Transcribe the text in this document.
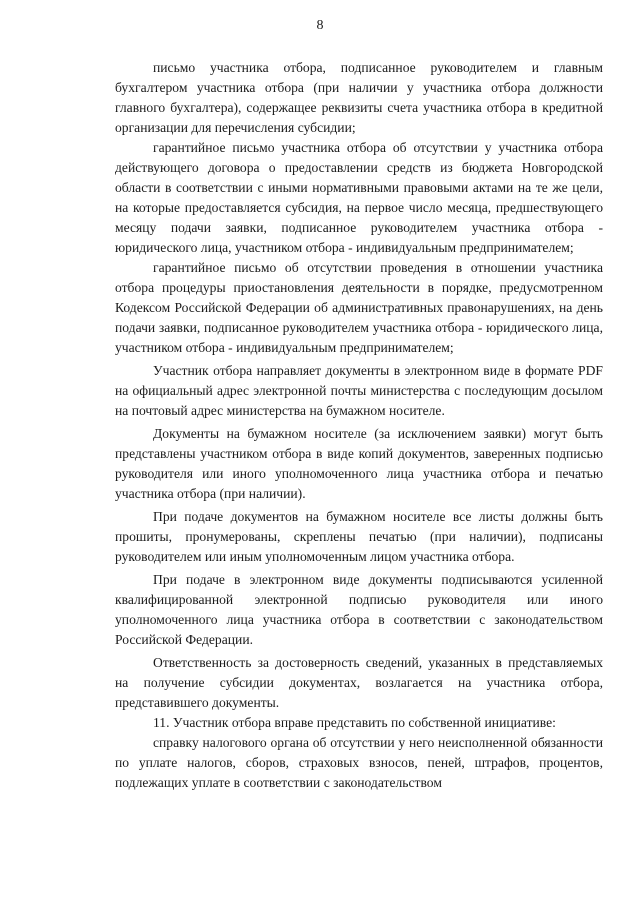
8

письмо участника отбора, подписанное руководителем и главным бухгалтером участника отбора (при наличии у участника отбора должности главного бухгалтера), содержащее реквизиты счета участника отбора в кредитной организации для перечисления субсидии;

гарантийное письмо участника отбора об отсутствии у участника отбора действующего договора о предоставлении средств из бюджета Новгородской области в соответствии с иными нормативными правовыми актами на те же цели, на которые предоставляется субсидия, на первое число месяца, предшествующего месяцу подачи заявки, подписанное руководителем участника отбора - юридического лица, участником отбора - индивидуальным предпринимателем;

гарантийное письмо об отсутствии проведения в отношении участника отбора процедуры приостановления деятельности в порядке, предусмотренном Кодексом Российской Федерации об административных правонарушениях, на день подачи заявки, подписанное руководителем участника отбора - юридического лица, участником отбора - индивидуальным предпринимателем;

Участник отбора направляет документы в электронном виде в формате PDF на официальный адрес электронной почты министерства с последующим досылом на почтовый адрес министерства на бумажном носителе.

Документы на бумажном носителе (за исключением заявки) могут быть представлены участником отбора в виде копий документов, заверенных подписью руководителя или иного уполномоченного лица участника отбора и печатью участника отбора (при наличии).

При подаче документов на бумажном носителе все листы должны быть прошиты, пронумерованы, скреплены печатью (при наличии), подписаны руководителем или иным уполномоченным лицом участника отбора.

При подаче в электронном виде документы подписываются усиленной квалифицированной электронной подписью руководителя или иного уполномоченного лица участника отбора в соответствии с законодательством Российской Федерации.

Ответственность за достоверность сведений, указанных в представляемых на получение субсидии документах, возлагается на участника отбора, представившего документы.

11. Участник отбора вправе представить по собственной инициативе:

справку налогового органа об отсутствии у него неисполненной обязанности по уплате налогов, сборов, страховых взносов, пеней, штрафов, процентов, подлежащих уплате в соответствии с законодательством
